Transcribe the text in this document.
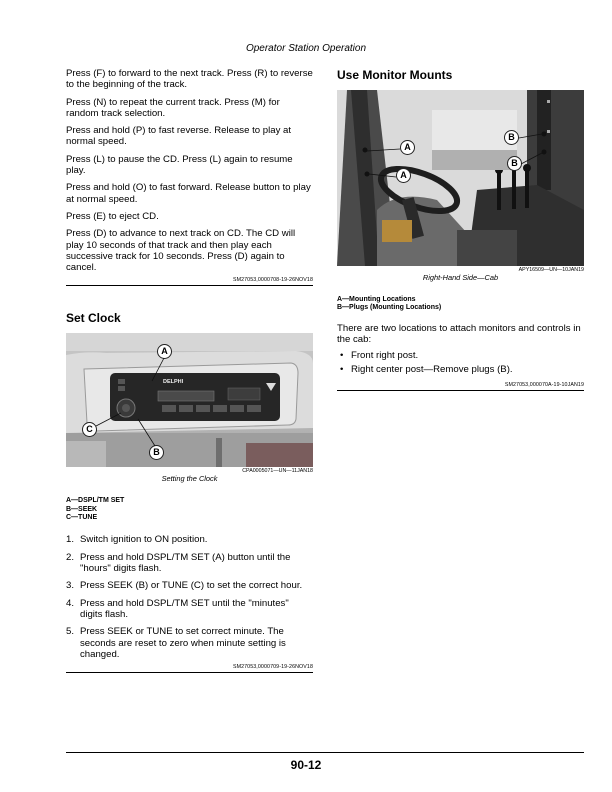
Operator Station Operation

Press (F) to forward to the next track. Press (R) to reverse to the beginning of the track.

Press (N) to repeat the current track. Press (M) for random track selection.

Press and hold (P) to fast reverse. Release to play at normal speed.

Press (L) to pause the CD. Press (L) again to resume play.

Press and hold (O) to fast forward. Release button to play at normal speed.

Press (E) to eject CD.

Press (D) to advance to next track on CD. The CD will play 10 seconds of that track and then play each successive track for 10 seconds. Press (D) again to cancel.

SM27053,0000708-19-26NOV18
Set Clock
DELPHI
A
C
B
CPA0005071—UN—11JAN18
Setting the Clock
A—DSPL/TM SET
B—SEEK
C—TUNE
1. Switch ignition to ON position.
2. Press and hold DSPL/TM SET (A) button until the "hours" digits flash.
3. Press SEEK (B) or TUNE (C) to set the correct hour.
4. Press and hold DSPL/TM SET until the "minutes" digits flash.
5. Press SEEK or TUNE to set correct minute. The seconds are reset to zero when minute setting is changed.
SM27053,0000709-19-26NOV18
Use Monitor Mounts
A
A
B
B
APY16509—UN—10JAN19
Right-Hand Side—Cab
A—Mounting Locations
B—Plugs (Mounting Locations)

There are two locations to attach monitors and controls in the cab:

• Front right post.
• Right center post—Remove plugs (B).
SM27053,000070A-19-10JAN19
90-12
